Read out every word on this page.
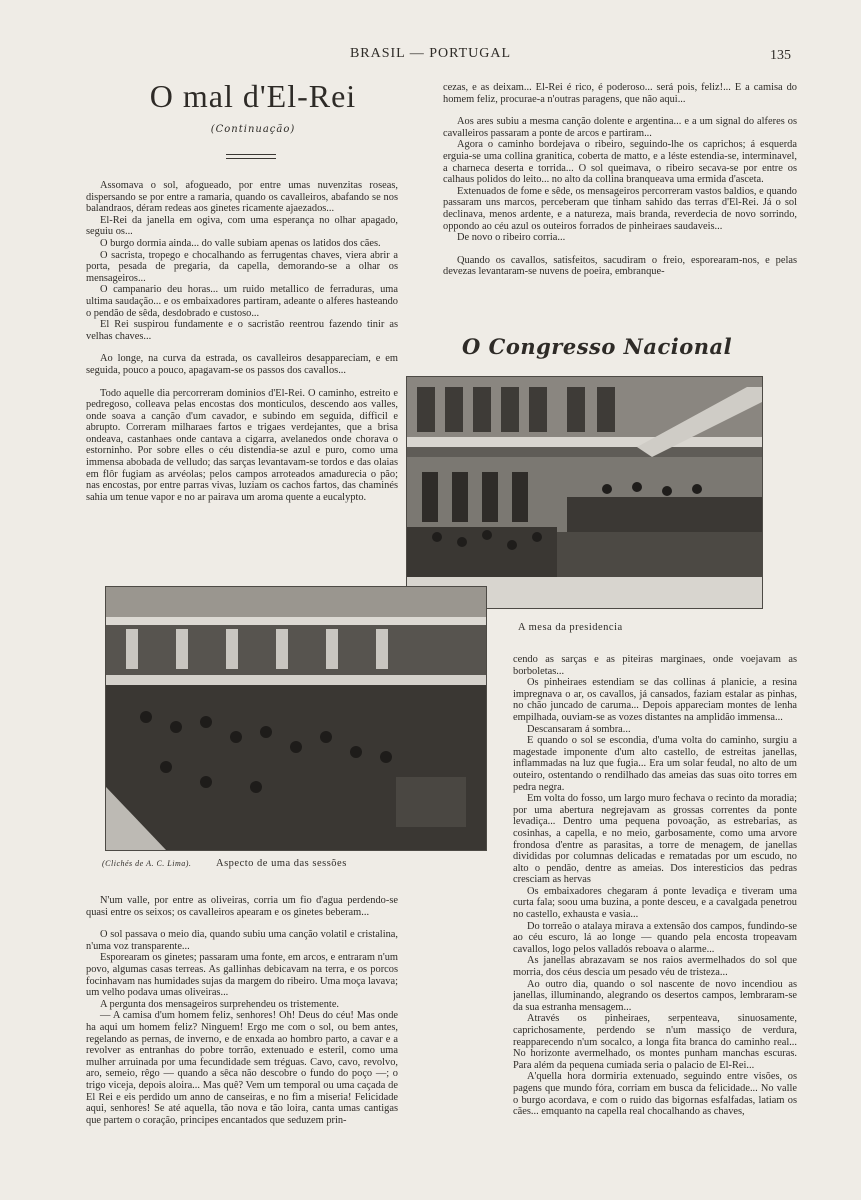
BRASIL — PORTUGAL	135
O mal d'El-Rei
(Continuação)

Assomava o sol, afogueado, por entre umas nuvenzitas roseas, dispersando se por entre a ramaria, quando os cavalleiros, abafando se nos balandraos, déram redeas aos ginetes ricamente ajaezados...

El-Rei da janella em ogiva, com uma esperança no olhar apagado, seguiu os...

O burgo dormia ainda... do valle subiam apenas os latidos dos cães.

O sacrista, tropego e chocalhando as ferrugentas chaves, viera abrir a porta, pesada de pregaria, da capella, demorando-se a olhar os mensageiros...

O campanario deu horas... um ruido metallico de ferraduras, uma ultima saudação... e os embaixadores partiram, adeante o alferes hasteando o pendão de sêda, desdobrado e custoso...

El Rei suspirou fundamente e o sacristão reentrou fazendo tinir as velhas chaves...

Ao longe, na curva da estrada, os cavalleiros desappareciam, e em seguida, pouco a pouco, apagavam-se os passos dos cavallos...

Todo aquelle dia percorreram dominios d'El-Rei. O caminho, estreito e pedregoso, colleava pelas encostas dos monticulos, descendo aos valles, onde soava a canção d'um cavador, e subindo em seguida, difficil e abrupto. Correram milharaes fartos e trigaes verdejantes, que a brisa ondeava, castanhaes onde cantava a cigarra, avelanedos onde chorava o estorninho. Por sobre elles o céu distendia-se azul e puro, como uma immensa abobada de velludo; das sarças levantavam-se tordos e das olaias em flôr fugiam as arvéolas; pelos campos arroteados amadurecia o pão; nas encostas, por entre parras vivas, luziam os cachos fartos, das chaminés sahia um tenue vapor e no ar pairava um aroma quente a eucalypto.

cezas, e as deixam... El-Rei é rico, é poderoso... será pois, feliz!... E a camisa do homem feliz, procurae-a n'outras paragens, que não aqui...

Aos ares subiu a mesma canção dolente e argentina... e a um signal do alferes os cavalleiros passaram a ponte de arcos e partiram...

Agora o caminho bordejava o ribeiro, seguindo-lhe os caprichos; á esquerda erguia-se uma collina granitica, coberta de matto, e a léste estendia-se, interminavel, a charneca deserta e torrida... O sol queimava, o ribeiro secava-se por entre os calhaus polidos do leito... no alto da collina branqueava uma ermida d'asceta.

Extenuados de fome e sêde, os mensageiros percorreram vastos baldios, e quando passaram uns marcos, perceberam que tinham sahido das terras d'El-Rei. Já o sol declinava, menos ardente, e a natureza, mais branda, reverdecia de novo sorrindo, oppondo ao céu azul os outeiros forrados de pinheiraes saudaveis...

De novo o ribeiro corria...

Quando os cavallos, satisfeitos, sacudiram o freio, esporearam-nos, e pelas devezas levantaram-se nuvens de poeira, embranque-

O Congresso Nacional
A mesa da presidencia
(Clichés de A. C. Lima). Aspecto de uma das sessões

N'um valle, por entre as oliveiras, corria um fio d'agua perdendo-se quasi entre os seixos; os cavalleiros apearam e os ginetes beberam...

O sol passava o meio dia, quando subiu uma canção volatil e cristalina, n'uma voz transparente...

Esporearam os ginetes; passaram uma fonte, em arcos, e entraram n'um povo, algumas casas terreas. As gallinhas debicavam na terra, e os porcos focinhavam nas humidades sujas da margem do ribeiro. Uma moça lavava; um velho podava umas oliveiras...

A pergunta dos mensageiros surprehendeu os tristemente.

— A camisa d'um homem feliz, senhores! Oh! Deus do céu! Mas onde ha aqui um homem feliz? Ninguem! Ergo me com o sol, ou bem antes, regelando as pernas, de inverno, e de enxada ao hombro parto, a cavar e a revolver as entranhas do pobre torrão, extenuado e esteril, como uma mulher arruinada por uma fecundidade sem tréguas. Cavo, cavo, revolvo, aro, semeio, rêgo — quando a sêca não descobre o fundo do poço —; o trigo viceja, depois aloira... Mas quê? Vem um temporal ou uma caçada de El Rei e eis perdido um anno de canseiras, e no fim a miseria! Felicidade aqui, senhores! Se até aquella, tão nova e tão loira, canta umas cantigas que partem o coração, principes encantados que seduzem prin-

cendo as sarças e as piteiras marginaes, onde voejavam as borboletas...

Os pinheiraes estendiam se das collinas á planicie, a resina impregnava o ar, os cavallos, já cansados, faziam estalar as pinhas, no chão juncado de caruma... Depois appareciam montes de lenha empilhada, ouviam-se as vozes distantes na amplidão immensa...

Descansaram á sombra...

E quando o sol se escondia, d'uma volta do caminho, surgiu a magestade imponente d'um alto castello, de estreitas janellas, inflammadas na luz que fugia... Era um solar feudal, no alto de um outeiro, ostentando o rendilhado das ameias das suas oito torres em pedra negra.

Em volta do fosso, um largo muro fechava o recinto da moradia; por uma abertura negrejavam as grossas correntes da ponte levadiça... Dentro uma pequena povoação, as estrebarias, as cosinhas, a capella, e no meio, garbosamente, como uma arvore frondosa d'entre as parasitas, a torre de menagem, de janellas divididas por columnas delicadas e rematadas por um escudo, no alto o pendão, dentre as ameias. Dos interesticios das pedras cresciam as hervas

Os embaixadores chegaram á ponte levadiça e tiveram uma curta fala; soou uma buzina, a ponte desceu, e a cavalgada penetrou no castello, exhausta e vasia...

Do torreão o atalaya mirava a extensão dos campos, fundindo-se ao céu escuro, lá ao longe — quando pela encosta tropeavam cavallos, logo pelos valladós reboava o alarme...

As janellas abrazavam se nos raios avermelhados do sol que morria, dos céus descia um pesado véu de tristeza...

Ao outro dia, quando o sol nascente de novo incendiou as janellas, illuminando, alegrando os desertos campos, lembraram-se da sua estranha mensagem...

Através os pinheiraes, serpenteava, sinuosamente, caprichosamente, perdendo se n'um massiço de verdura, reapparecendo n'um socalco, a longa fita branca do caminho real... No horizonte avermelhado, os montes punham manchas escuras. Para além da pequena cumiada seria o palacio de El-Rei...

A'quella hora dormiria extenuado, seguindo entre visões, os pagens que mundo fóra, corriam em busca da felicidade... No valle o burgo acordava, e com o ruido das bigornas esfalfadas, latiam os cães... emquanto na capella real chocalhando as chaves,
